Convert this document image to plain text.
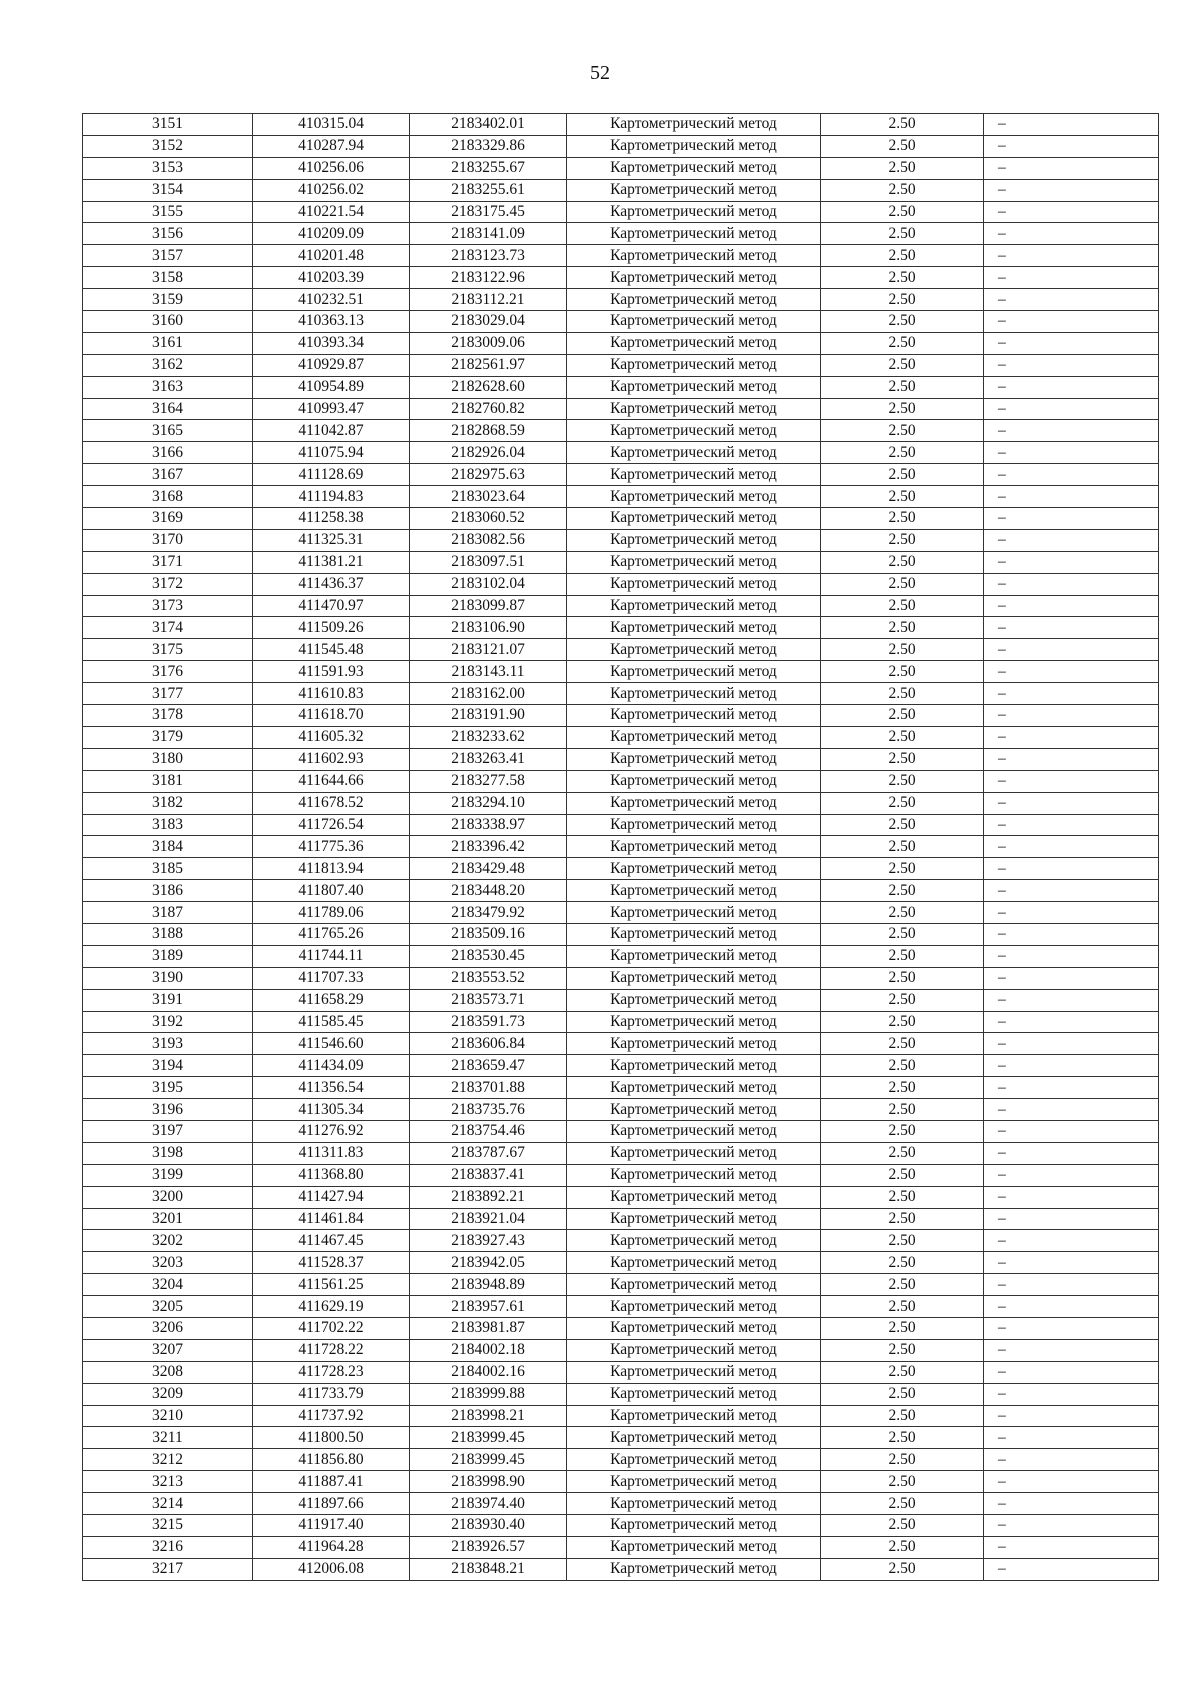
52
3151	410315.04	2183402.01	Картометрический метод	2.50	–
3152	410287.94	2183329.86	Картометрический метод	2.50	–
3153	410256.06	2183255.67	Картометрический метод	2.50	–
3154	410256.02	2183255.61	Картометрический метод	2.50	–
3155	410221.54	2183175.45	Картометрический метод	2.50	–
3156	410209.09	2183141.09	Картометрический метод	2.50	–
3157	410201.48	2183123.73	Картометрический метод	2.50	–
3158	410203.39	2183122.96	Картометрический метод	2.50	–
3159	410232.51	2183112.21	Картометрический метод	2.50	–
3160	410363.13	2183029.04	Картометрический метод	2.50	–
3161	410393.34	2183009.06	Картометрический метод	2.50	–
3162	410929.87	2182561.97	Картометрический метод	2.50	–
3163	410954.89	2182628.60	Картометрический метод	2.50	–
3164	410993.47	2182760.82	Картометрический метод	2.50	–
3165	411042.87	2182868.59	Картометрический метод	2.50	–
3166	411075.94	2182926.04	Картометрический метод	2.50	–
3167	411128.69	2182975.63	Картометрический метод	2.50	–
3168	411194.83	2183023.64	Картометрический метод	2.50	–
3169	411258.38	2183060.52	Картометрический метод	2.50	–
3170	411325.31	2183082.56	Картометрический метод	2.50	–
3171	411381.21	2183097.51	Картометрический метод	2.50	–
3172	411436.37	2183102.04	Картометрический метод	2.50	–
3173	411470.97	2183099.87	Картометрический метод	2.50	–
3174	411509.26	2183106.90	Картометрический метод	2.50	–
3175	411545.48	2183121.07	Картометрический метод	2.50	–
3176	411591.93	2183143.11	Картометрический метод	2.50	–
3177	411610.83	2183162.00	Картометрический метод	2.50	–
3178	411618.70	2183191.90	Картометрический метод	2.50	–
3179	411605.32	2183233.62	Картометрический метод	2.50	–
3180	411602.93	2183263.41	Картометрический метод	2.50	–
3181	411644.66	2183277.58	Картометрический метод	2.50	–
3182	411678.52	2183294.10	Картометрический метод	2.50	–
3183	411726.54	2183338.97	Картометрический метод	2.50	–
3184	411775.36	2183396.42	Картометрический метод	2.50	–
3185	411813.94	2183429.48	Картометрический метод	2.50	–
3186	411807.40	2183448.20	Картометрический метод	2.50	–
3187	411789.06	2183479.92	Картометрический метод	2.50	–
3188	411765.26	2183509.16	Картометрический метод	2.50	–
3189	411744.11	2183530.45	Картометрический метод	2.50	–
3190	411707.33	2183553.52	Картометрический метод	2.50	–
3191	411658.29	2183573.71	Картометрический метод	2.50	–
3192	411585.45	2183591.73	Картометрический метод	2.50	–
3193	411546.60	2183606.84	Картометрический метод	2.50	–
3194	411434.09	2183659.47	Картометрический метод	2.50	–
3195	411356.54	2183701.88	Картометрический метод	2.50	–
3196	411305.34	2183735.76	Картометрический метод	2.50	–
3197	411276.92	2183754.46	Картометрический метод	2.50	–
3198	411311.83	2183787.67	Картометрический метод	2.50	–
3199	411368.80	2183837.41	Картометрический метод	2.50	–
3200	411427.94	2183892.21	Картометрический метод	2.50	–
3201	411461.84	2183921.04	Картометрический метод	2.50	–
3202	411467.45	2183927.43	Картометрический метод	2.50	–
3203	411528.37	2183942.05	Картометрический метод	2.50	–
3204	411561.25	2183948.89	Картометрический метод	2.50	–
3205	411629.19	2183957.61	Картометрический метод	2.50	–
3206	411702.22	2183981.87	Картометрический метод	2.50	–
3207	411728.22	2184002.18	Картометрический метод	2.50	–
3208	411728.23	2184002.16	Картометрический метод	2.50	–
3209	411733.79	2183999.88	Картометрический метод	2.50	–
3210	411737.92	2183998.21	Картометрический метод	2.50	–
3211	411800.50	2183999.45	Картометрический метод	2.50	–
3212	411856.80	2183999.45	Картометрический метод	2.50	–
3213	411887.41	2183998.90	Картометрический метод	2.50	–
3214	411897.66	2183974.40	Картометрический метод	2.50	–
3215	411917.40	2183930.40	Картометрический метод	2.50	–
3216	411964.28	2183926.57	Картометрический метод	2.50	–
3217	412006.08	2183848.21	Картометрический метод	2.50	–
